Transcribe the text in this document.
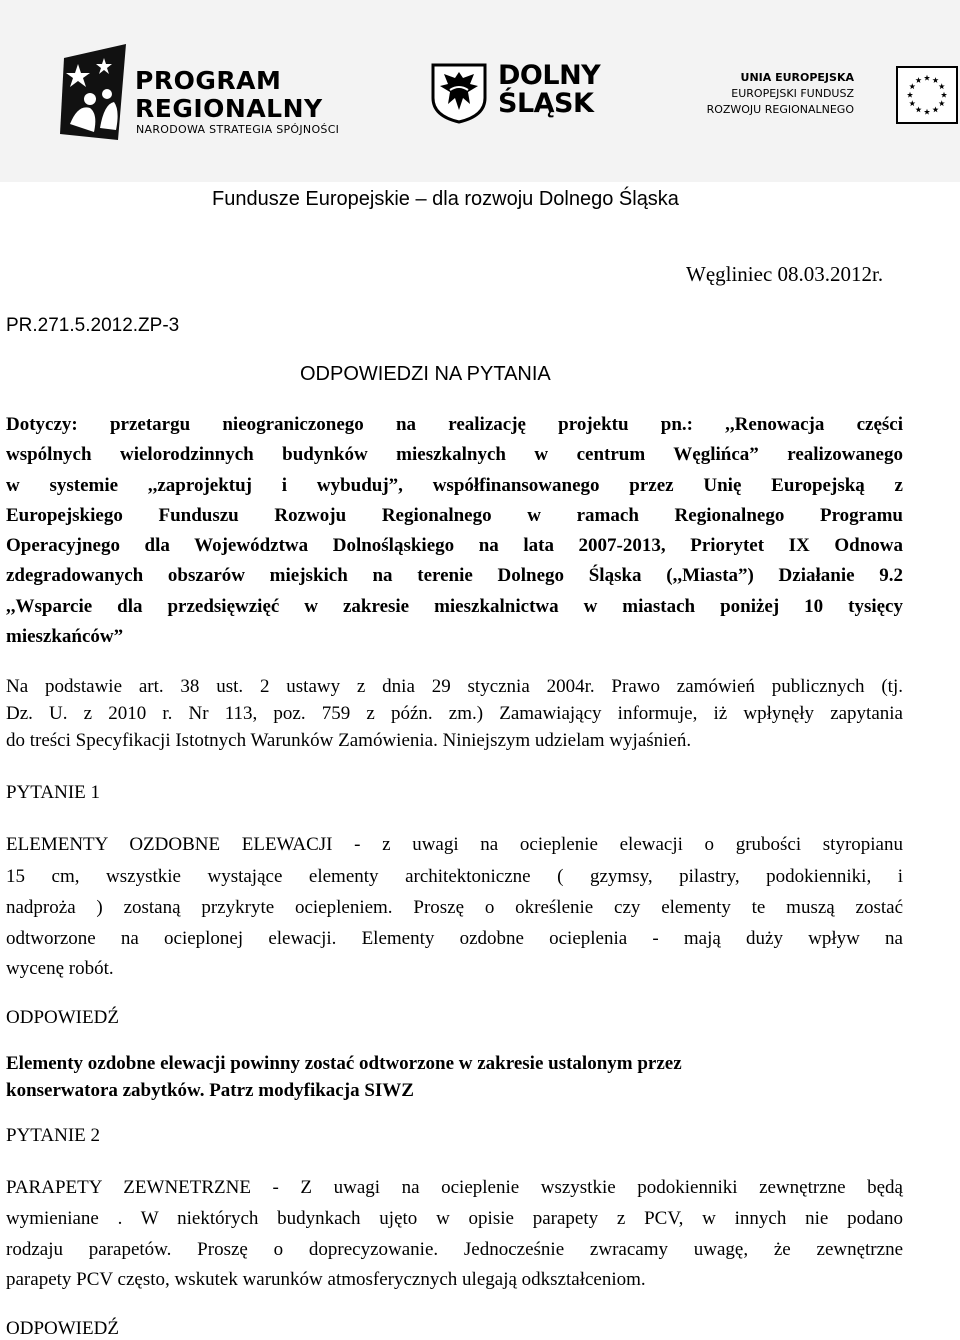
PROGRAM
REGIONALNY
NARODOWA STRATEGIA SPÓJNOŚCI
DOLNY
ŚLĄSK
UNIA EUROPEJSKA
EUROPEJSKI FUNDUSZ
ROZWOJU REGIONALNEGO
Fundusze Europejskie – dla rozwoju Dolnego Śląska
Węgliniec 08.03.2012r.
PR.271.5.2012.ZP-3
ODPOWIEDZI NA PYTANIA
Dotyczy: przetargu nieograniczonego na realizację projektu pn.: ,,Renowacja części
wspólnych wielorodzinnych budynków mieszkalnych w centrum Węglińca” realizowanego
w systemie ,,zaprojektuj i wybuduj”, współfinansowanego przez Unię Europejską z
Europejskiego Funduszu Rozwoju Regionalnego w ramach Regionalnego Programu
Operacyjnego dla Województwa Dolnośląskiego na lata 2007-2013, Priorytet IX Odnowa
zdegradowanych obszarów miejskich na terenie Dolnego Śląska (,,Miasta”) Działanie 9.2
,,Wsparcie dla przedsięwzięć w zakresie mieszkalnictwa w miastach poniżej 10 tysięcy
mieszkańców”
Na podstawie art. 38 ust. 2 ustawy z dnia 29 stycznia 2004r. Prawo zamówień publicznych (tj.
Dz. U. z 2010 r. Nr 113, poz. 759 z późn. zm.) Zamawiający informuje, iż wpłynęły zapytania
do treści Specyfikacji Istotnych Warunków Zamówienia. Niniejszym udzielam wyjaśnień.
PYTANIE 1
ELEMENTY OZDOBNE ELEWACJI - z uwagi na ocieplenie elewacji o grubości styropianu
15 cm, wszystkie wystające elementy architektoniczne ( gzymsy, pilastry, podokienniki, i
nadproża ) zostaną przykryte ociepleniem. Proszę o określenie czy elementy te muszą zostać
odtworzone na ocieplonej elewacji. Elementy ozdobne ocieplenia - mają duży wpływ na
wycenę robót.
ODPOWIEDŹ
Elementy ozdobne elewacji powinny zostać odtworzone w zakresie ustalonym przez
konserwatora zabytków. Patrz modyfikacja SIWZ
PYTANIE 2
PARAPETY ZEWNETRZNE - Z uwagi na ocieplenie wszystkie podokienniki zewnętrzne będą
wymieniane . W niektórych budynkach ujęto w opisie parapety z PCV, w innych nie podano
rodzaju parapetów. Proszę o doprecyzowanie. Jednocześnie zwracamy uwagę, że zewnętrzne
parapety PCV często, wskutek warunków atmosferycznych ulegają odkształceniom.
ODPOWIEDŹ
